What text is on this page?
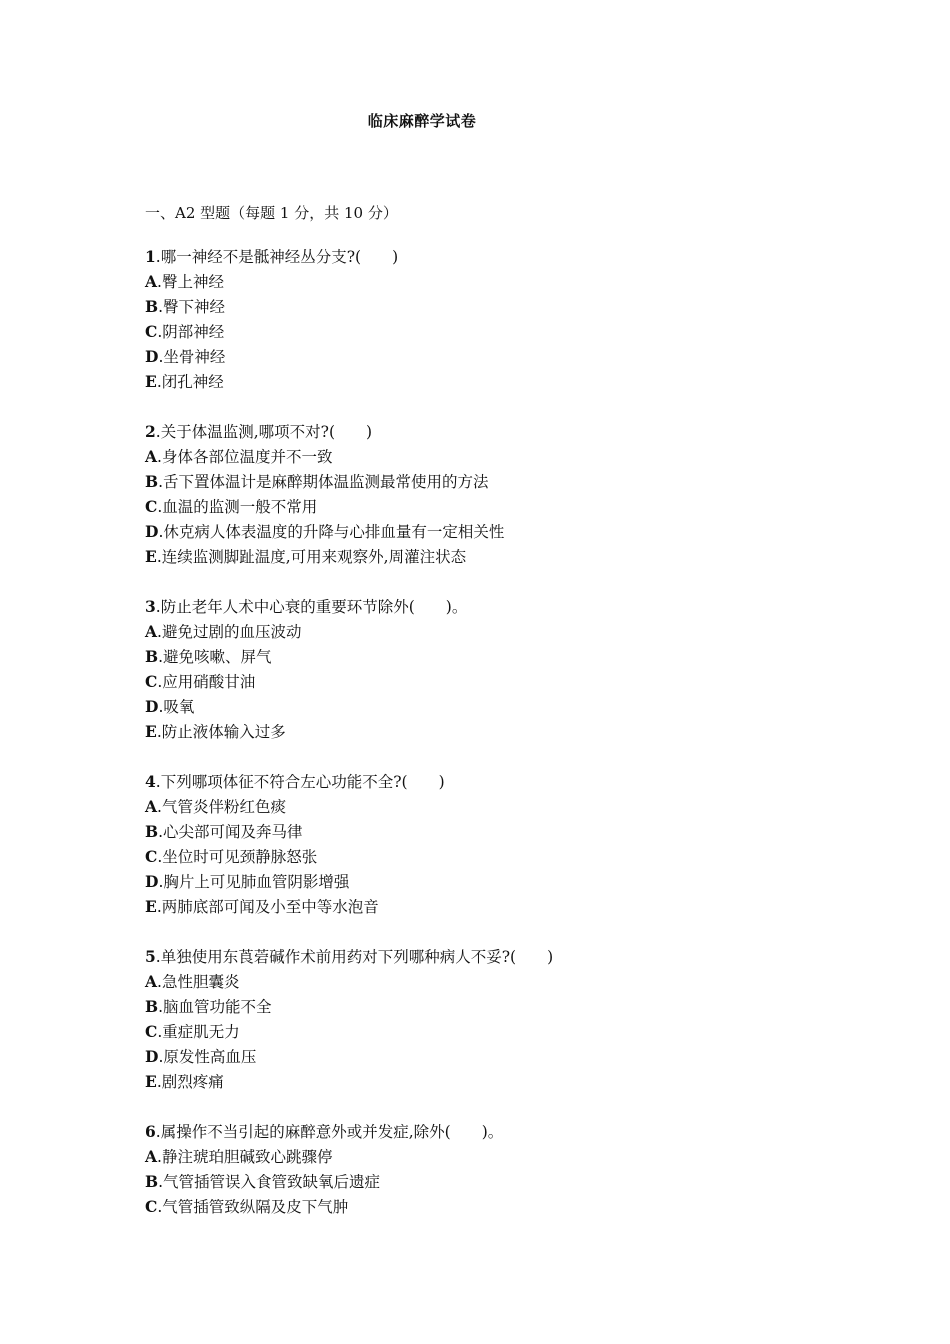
临床麻醉学试卷
一、A2 型题（每题 1 分，共 10 分）
1.哪一神经不是骶神经丛分支?(　　)
A.臀上神经
B.臀下神经
C.阴部神经
D.坐骨神经
E.闭孔神经
2.关于体温监测,哪项不对?(　　)
A.身体各部位温度并不一致
B.舌下置体温计是麻醉期体温监测最常使用的方法
C.血温的监测一般不常用
D.休克病人体表温度的升降与心排血量有一定相关性
E.连续监测脚趾温度,可用来观察外,周灌注状态
3.防止老年人术中心衰的重要环节除外(　　)。
A.避免过剧的血压波动
B.避免咳嗽、屏气
C.应用硝酸甘油
D.吸氧
E.防止液体输入过多
4.下列哪项体征不符合左心功能不全?(　　)
A.气管炎伴粉红色痰
B.心尖部可闻及奔马律
C.坐位时可见颈静脉怒张
D.胸片上可见肺血管阴影增强
E.两肺底部可闻及小至中等水泡音
5.单独使用东莨菪碱作术前用药对下列哪种病人不妥?(　　)
A.急性胆囊炎
B.脑血管功能不全
C.重症肌无力
D.原发性高血压
E.剧烈疼痛
6.属操作不当引起的麻醉意外或并发症,除外(　　)。
A.静注琥珀胆碱致心跳骤停
B.气管插管误入食管致缺氧后遗症
C.气管插管致纵隔及皮下气肿
